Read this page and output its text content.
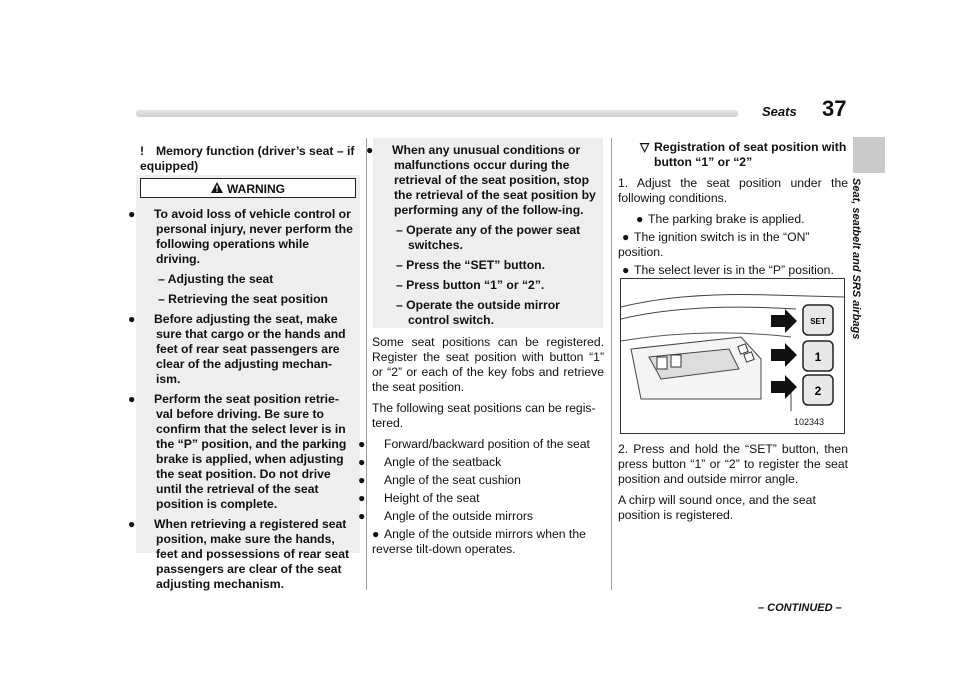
Seats 37
Seat, seatbelt and SRS airbags
! Memory function (driver’s seat – if equipped)
WARNING

● To avoid loss of vehicle control or personal injury, never perform the following operations while driving.

– Adjusting the seat

– Retrieving the seat position

● Before adjusting the seat, make sure that cargo or the hands and feet of rear seat passengers are clear of the adjusting mechan-ism.

● Perform the seat position retrie-val before driving. Be sure to confirm that the select lever is in the “P” position, and the parking brake is applied, when adjusting the seat position. Do not drive until the retrieval of the seat position is complete.

● When retrieving a registered seat position, make sure the hands, feet and possessions of rear seat passengers are clear of the seat adjusting mechanism.

● When any unusual conditions or malfunctions occur during the retrieval of the seat position, stop the retrieval of the seat position by performing any of the follow-ing.

– Operate any of the power seat switches.

– Press the “SET” button.

– Press button “1” or “2”.

– Operate the outside mirror control switch.

Some seat positions can be registered. Register the seat position with button “1” or “2” or each of the key fobs and retrieve the seat position.

The following seat positions can be regis-tered.

● Forward/backward position of the seat

● Angle of the seatback

● Angle of the seat cushion

● Height of the seat

● Angle of the outside mirrors

● Angle of the outside mirrors when the reverse tilt-down operates.

▽ Registration of seat position with button “1” or “2”

1. Adjust the seat position under the following conditions.

● The parking brake is applied.

● The ignition switch is in the “ON” position.

● The select lever is in the “P” position.

SET
1
2
102343

2. Press and hold the “SET” button, then press button “1” or “2” to register the seat position and outside mirror angle.

A chirp will sound once, and the seat position is registered.

– CONTINUED –
